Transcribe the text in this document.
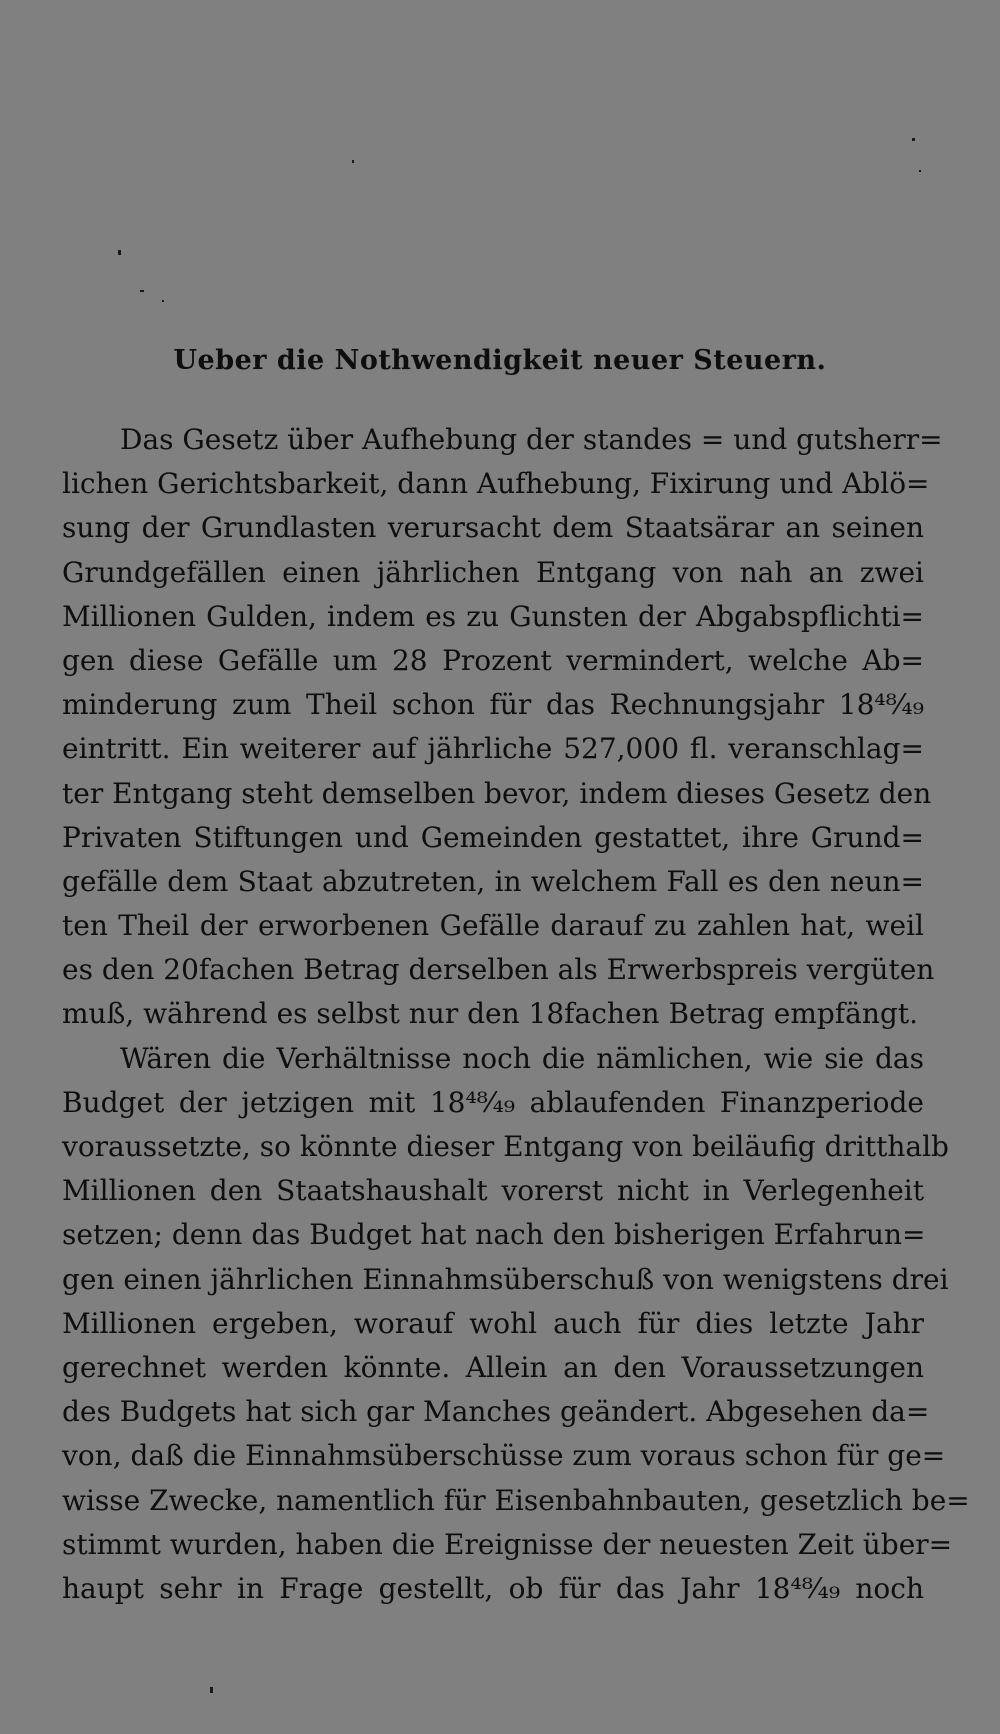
Ueber die Nothwendigkeit neuer Steuern.
Das Gesetz über Aufhebung der standes = und gutsherr=
lichen Gerichtsbarkeit, dann Aufhebung, Fixirung und Ablö=
sung der Grundlasten verursacht dem Staatsärar an seinen
Grundgefällen einen jährlichen Entgang von nah an zwei
Millionen Gulden, indem es zu Gunsten der Abgabspflichti=
gen diese Gefälle um 28 Prozent vermindert, welche Ab=
minderung zum Theil schon für das Rechnungsjahr 18⁴⁸⁄₄₉
eintritt. Ein weiterer auf jährliche 527,000 fl. veranschlag=
ter Entgang steht demselben bevor, indem dieses Gesetz den
Privaten Stiftungen und Gemeinden gestattet, ihre Grund=
gefälle dem Staat abzutreten, in welchem Fall es den neun=
ten Theil der erworbenen Gefälle darauf zu zahlen hat, weil
es den 20fachen Betrag derselben als Erwerbspreis vergüten
muß, während es selbst nur den 18fachen Betrag empfängt.
Wären die Verhältnisse noch die nämlichen, wie sie das
Budget der jetzigen mit 18⁴⁸⁄₄₉ ablaufenden Finanzperiode
voraussetzte, so könnte dieser Entgang von beiläufig dritthalb
Millionen den Staatshaushalt vorerst nicht in Verlegenheit
setzen; denn das Budget hat nach den bisherigen Erfahrun=
gen einen jährlichen Einnahmsüberschuß von wenigstens drei
Millionen ergeben, worauf wohl auch für dies letzte Jahr
gerechnet werden könnte. Allein an den Voraussetzungen
des Budgets hat sich gar Manches geändert. Abgesehen da=
von, daß die Einnahmsüberschüsse zum voraus schon für ge=
wisse Zwecke, namentlich für Eisenbahnbauten, gesetzlich be=
stimmt wurden, haben die Ereignisse der neuesten Zeit über=
haupt sehr in Frage gestellt, ob für das Jahr 18⁴⁸⁄₄₉ noch
